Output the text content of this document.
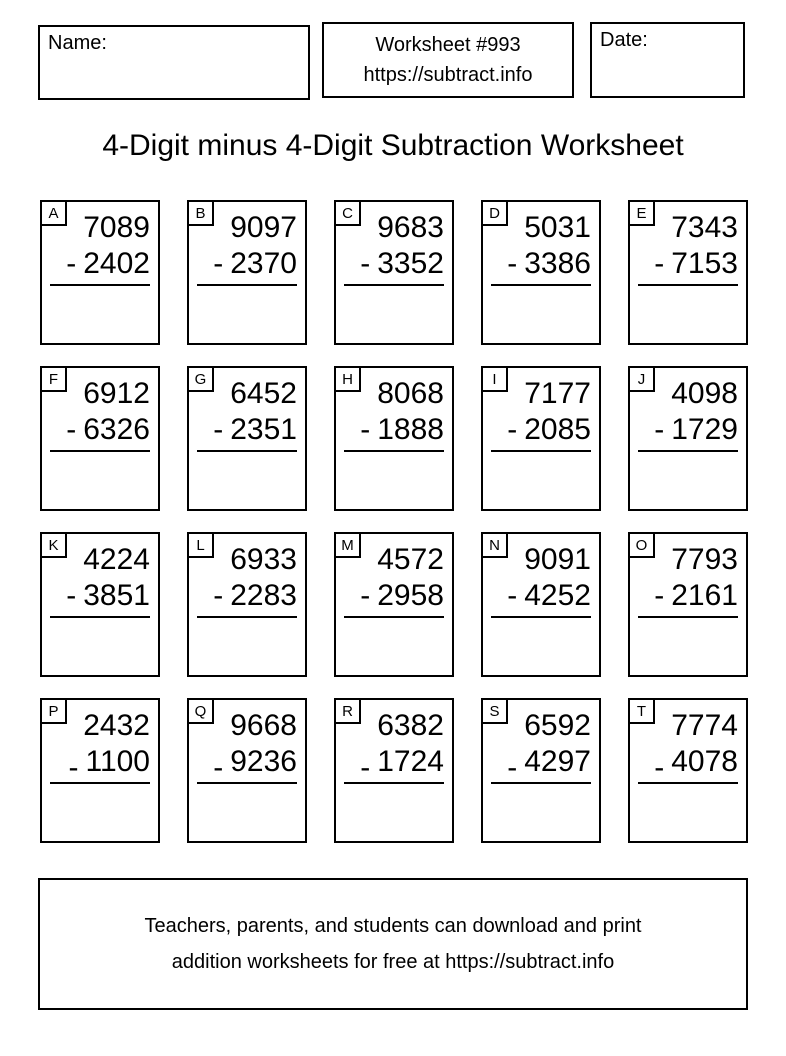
Name:	Worksheet #993
https://subtract.info
Date:
4-Digit minus 4-Digit Subtraction Worksheet
A 7089
- 2402
B 9097
- 2370
C 9683
- 3352
D 5031
- 3386
E 7343
- 7153
F 6912
- 6326
G 6452
- 2351
H 8068
- 1888
I 7177
- 2085
J 4098
- 1729
K 4224
- 3851
L 6933
- 2283
M 4572
- 2958
N 9091
- 4252
O 7793
- 2161
P 2432
- 1100
Q 9668
- 9236
R 6382
- 1724
S 6592
- 4297
T 7774
- 4078
Teachers, parents, and students can download and print
addition worksheets for free at https://subtract.info
